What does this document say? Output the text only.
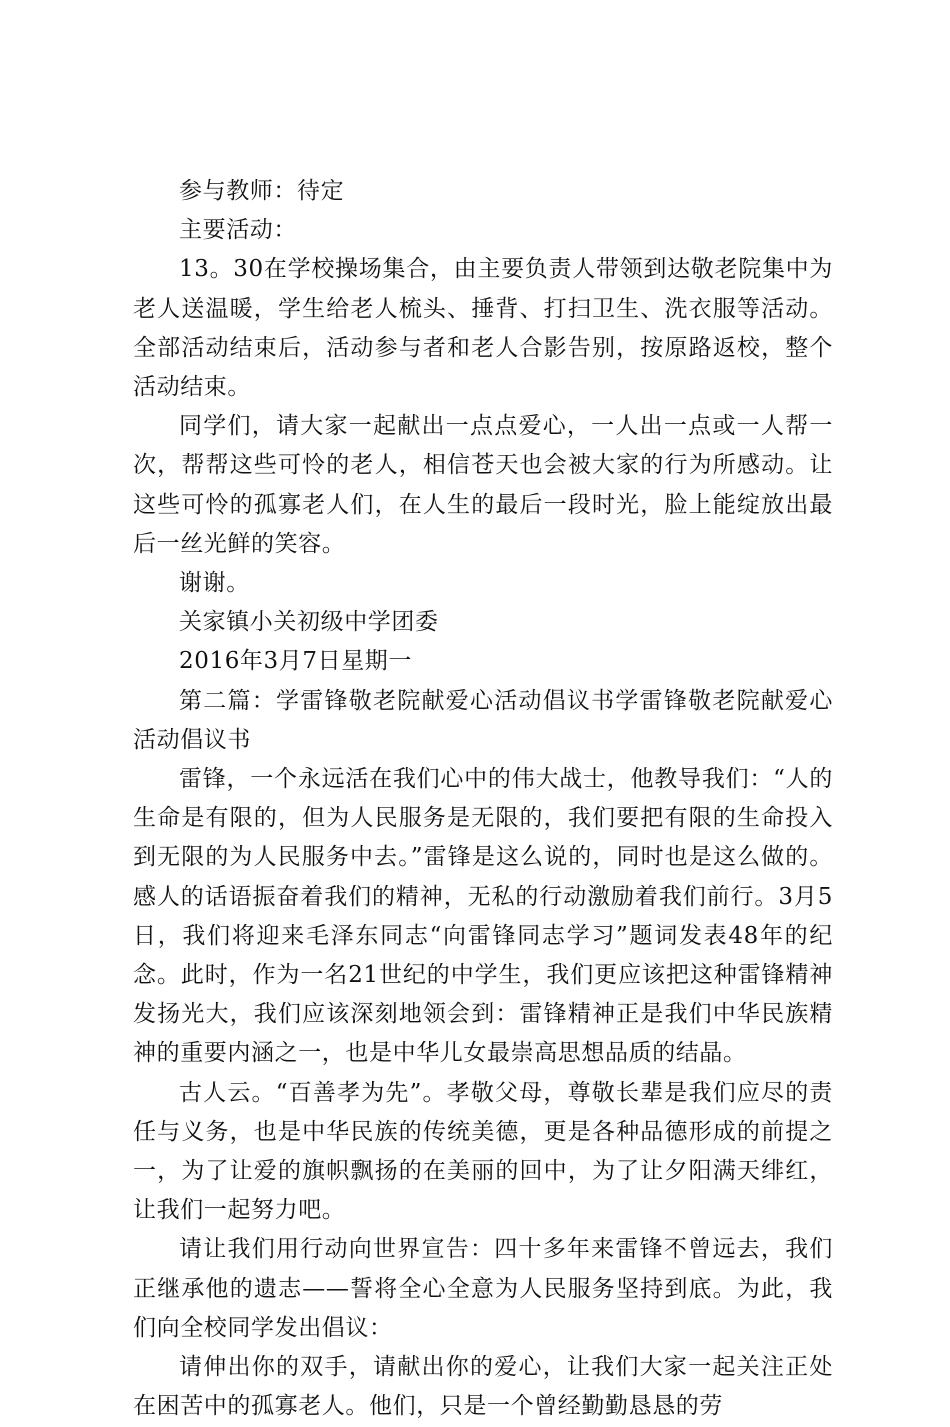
参与教师：待定

主要活动：

13。30在学校操场集合，由主要负责人带领到达敬老院集中为老人送温暖，学生给老人梳头、捶背、打扫卫生、洗衣服等活动。全部活动结束后，活动参与者和老人合影告别，按原路返校，整个活动结束。

同学们，请大家一起献出一点点爱心，一人出一点或一人帮一次，帮帮这些可怜的老人，相信苍天也会被大家的行为所感动。让这些可怜的孤寡老人们，在人生的最后一段时光，脸上能绽放出最后一丝光鲜的笑容。

谢谢。

关家镇小关初级中学团委

2016年3月7日星期一

第二篇：学雷锋敬老院献爱心活动倡议书学雷锋敬老院献爱心活动倡议书

雷锋，一个永远活在我们心中的伟大战士，他教导我们：“人的生命是有限的，但为人民服务是无限的，我们要把有限的生命投入到无限的为人民服务中去。”雷锋是这么说的，同时也是这么做的。感人的话语振奋着我们的精神，无私的行动激励着我们前行。3月5日，我们将迎来毛泽东同志“向雷锋同志学习”题词发表48年的纪念。此时，作为一名21世纪的中学生，我们更应该把这种雷锋精神发扬光大，我们应该深刻地领会到：雷锋精神正是我们中华民族精神的重要内涵之一，也是中华儿女最崇高思想品质的结晶。

古人云。“百善孝为先”。孝敬父母，尊敬长辈是我们应尽的责任与义务，也是中华民族的传统美德，更是各种品德形成的前提之一，为了让爱的旗帜飘扬的在美丽的回中，为了让夕阳满天绯红，让我们一起努力吧。

请让我们用行动向世界宣告：四十多年来雷锋不曾远去，我们正继承他的遗志——誓将全心全意为人民服务坚持到底。为此，我们向全校同学发出倡议：

请伸出你的双手，请献出你的爱心，让我们大家一起关注正处在困苦中的孤寡老人。他们，只是一个曾经勤勤恳恳的劳
